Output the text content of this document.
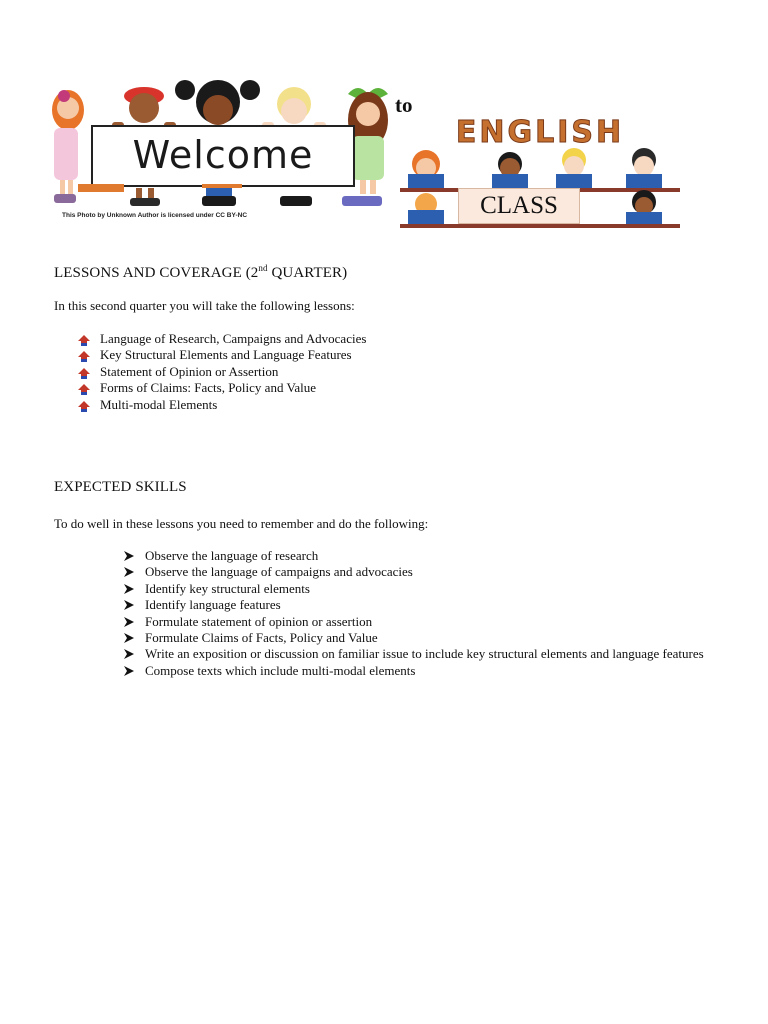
Welcome
This Photo by Unknown Author is licensed under CC BY-NC
to
ENGLISH
CLASS
LESSONS AND COVERAGE (2nd QUARTER)
In this second quarter you will take the following lessons:
Language of Research, Campaigns and Advocacies
Key Structural Elements and Language Features
Statement of Opinion or Assertion
Forms of Claims: Facts, Policy and Value
Multi-modal Elements
EXPECTED SKILLS
To do well in these lessons you need to remember and do the following:
Observe the language of research
Observe the language of campaigns and advocacies
Identify key structural elements
Identify language features
Formulate statement of opinion or assertion
Formulate Claims of Facts, Policy and Value
Write an exposition or discussion on familiar issue to include key structural elements and language features
Compose texts which include multi-modal elements
